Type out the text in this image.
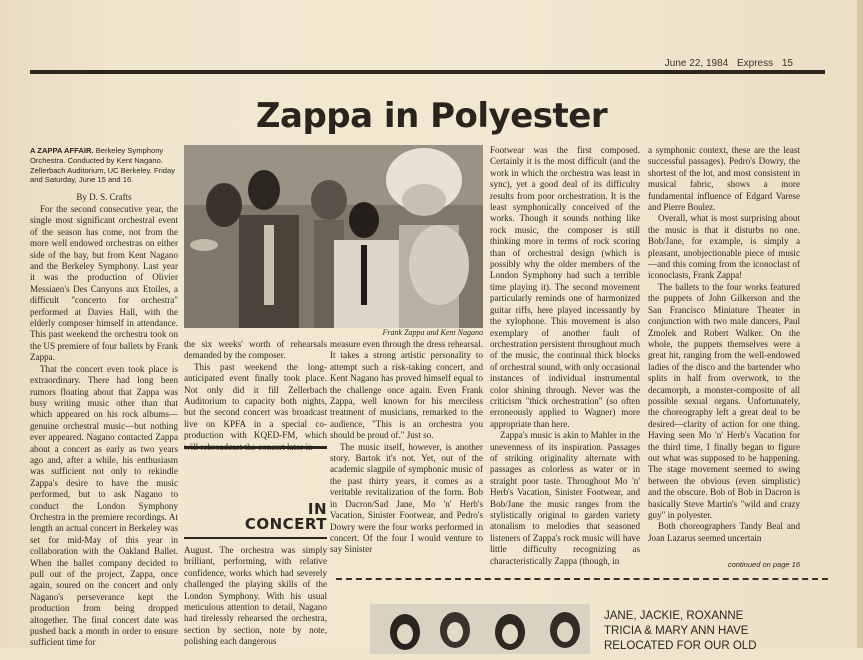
June 22, 1984 Express 15
Zappa in Polyester
A ZAPPA AFFAIR. Berkeley Symphony Orchestra. Conducted by Kent Nagano. Zellerbach Auditorium, UC Berkeley. Friday and Saturday, June 15 and 16.
By D. S. Crafts

For the second consecutive year, the single most significant orchestral event of the season has come, not from the more well endowed orchestras on either side of the bay, but from Kent Nagano and the Berkeley Symphony. Last year it was the production of Olivier Messiaen's Des Canyons aux Etoiles, a difficult "concerto for orchestra" performed at Davies Hall, with the elderly composer himself in attendance. This past weekend the orchestra took on the US premiere of four ballets by Frank Zappa.

That the concert even took place is extraordinary. There had long been rumors floating about that Zappa was busy writing music other than that which appeared on his rock albums—genuine orchestral music—but nothing ever appeared. Nagano contacted Zappa about a concert as early as two years ago and, after a while, his enthusiasm was sufficient not only to rekindle Zappa's desire to have the music performed, but to ask Nagano to conduct the London Symphony Orchestra in the premiere recordings. At length an actual concert in Berkeley was set for mid-May of this year in collaboration with the Oakland Ballet. When the ballet company decided to pull out of the project, Zappa, once again, soured on the concert and only Nagano's perseverance kept the production from being dropped altogether. The final concert date was pushed back a month in order to ensure sufficient time for

Frank Zappa and Kent Nagano

the six weeks' worth of rehearsals demanded by the composer.

This past weekend the long-anticipated event finally took place. Not only did it fill Zellerbach Auditorium to capacity both nights, but the second concert was broadcast live on KPFA in a special co-production with KQED-FM, which

IN
CONCERT

August. The orchestra was simply brilliant, performing, with relative confidence, works which had severely challenged the playing skills of the London Symphony. With his usual meticulous attention to detail, Nagano had tirelessly rehearsed the orchestra, section by section, note by note, polishing each dangerous

measure even through the dress rehearsal. It takes a strong artistic personality to attempt such a risk-taking concert, and Kent Nagano has proved himself equal to the challenge once again. Even Frank Zappa, well known for his merciless treatment of musicians, remarked to the audience, "This is an orchestra you should be proud of." Just so.

The music itself, however, is another story. Bartok it's not. Yet, out of the academic slagpile of symphonic music of the past thirty years, it comes as a veritable revitalization of the form. Bob in Dacron/Sad Jane, Mo 'n' Herb's Vacation, Sinister Footwear, and Pedro's Dowry were the four works performed in concert. Of the four I would venture to say Sinister

Footwear was the first composed. Certainly it is the most difficult (and the work in which the orchestra was least in sync), yet a good deal of its difficulty results from poor orchestration. It is the least symphonically conceived of the works. Though it sounds nothing like rock music, the composer is still thinking more in terms of rock scoring than of orchestral design (which is possibly why the older members of the London Symphony had such a terrible time playing it). The second movement particularly reminds one of harmonized guitar riffs, here played incessantly by the xylophone. This movement is also exemplary of another fault of orchestration persistent throughout much of the music, the continual thick blocks of orchestral sound, with only occasional instances of individual instrumental color shining through. Never was the criticism "thick orchestration" (so often erroneously applied to Wagner) more appropriate than here.

Zappa's music is akin to Mahler in the unevenness of its inspiration. Passages of striking originality alternate with passages as colorless as water or in straight poor taste. Throughout Mo 'n' Herb's Vacation, Sinister Footwear, and Bob/Jane the music ranges from the stylistically original to garden variety atonalism to melodies that seasoned listeners of Zappa's rock music will have little difficulty recognizing as characteristically Zappa (though, in

a symphonic context, these are the least successful passages). Pedro's Dowry, the shortest of the lot, and most consistent in musical fabric, shows a more fundamental influence of Edgard Varese and Pierre Boulez.

Overall, what is most surprising about the music is that it disturbs no one. Bob/Jane, for example, is simply a pleasant, unobjectionable piece of music—and this coming from the iconoclast of iconoclasts, Frank Zappa!

The ballets to the four works featured the puppets of John Gilkerson and the San Francisco Miniature Theater in conjunction with two male dancers, Paul Zmolek and Robert Walker. On the whole, the puppets themselves were a great hit, ranging from the well-endowed ladies of the disco and the bartender who splits in half from overwork, to the decamorph, a monster-composite of all possible sexual organs. Unfortunately, the choreography left a great deal to be desired—clarity of action for one thing. Having seen Mo 'n' Herb's Vacation for the third time, I finally began to figure out what was supposed to be happening. The stage movement seemed to swing between the obvious (even simplistic) and the obscure. Bob of Bob in Dacron is basically Steve Martin's "wild and crazy guy" in polyester.

Both choreographers Tandy Beal and Joan Lazarus seemed uncertain

continued on page 16
JANE, JACKIE, ROXANNE
TRICIA & MARY ANN HAVE
RELOCATED FOR OUR OLD
